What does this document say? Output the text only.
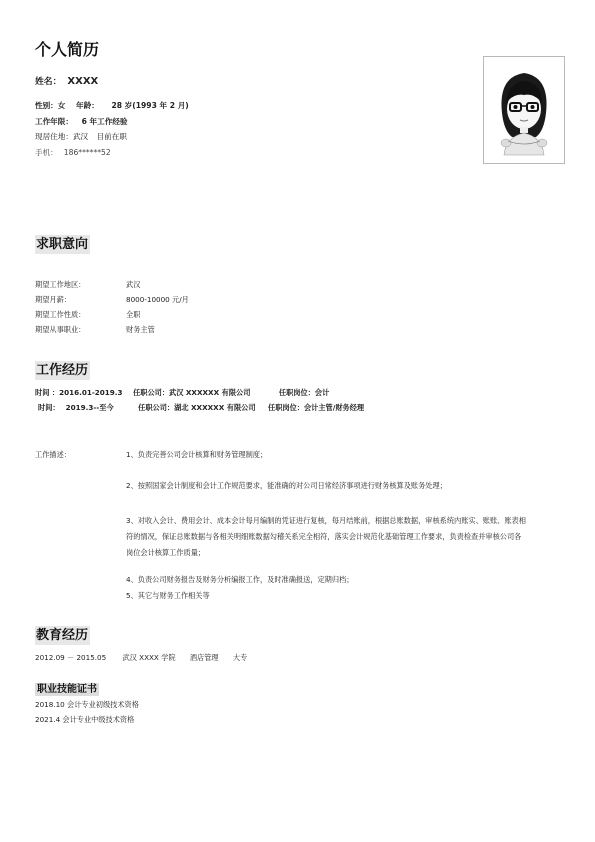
个人简历
姓名： XXXX
性别：女 年龄： 28 岁(1993 年 2 月)
工作年限： 6 年工作经验
现居住地：武汉 目前在职
手机： 186******52
求职意向
期望工作地区：	武汉
期望月薪：	8000-10000 元/月
期望工作性质：	全职
期望从事职业：	财务主管
工作经历
时间 ：2016.01-2019.3 任职公司：武汉 XXXXXX 有限公司	任职岗位：会计
时间： 2019.3--至今	任职公司：湖北 XXXXXX 有限公司 任职岗位：会计主管/财务经理
工作描述：	1、负责完善公司会计核算和财务管理制度；
2、按照国家会计制度和会计工作规范要求，能准确的对公司日常经济事项进行财务核算及账务处理；
3、对收入会计、费用会计、成本会计每月编制的凭证进行复核，每月结账前，根据总账数据，审核系统内账实、账账、账表相符的情况，保证总账数据与各相关明细账数据勾稽关系完全相符，落实会计规范化基础管理工作要求，负责检查并审核公司各岗位会计核算工作质量；
4、负责公司财务报告及财务分析编报工作，及时准确报送，定期归档；
5、其它与财务工作相关等
教育经历
2012.09 － 2015.05 武汉 XXXX 学院 酒店管理 大专
职业技能证书
2018.10 会计专业初级技术资格
2021.4 会计专业中级技术资格
